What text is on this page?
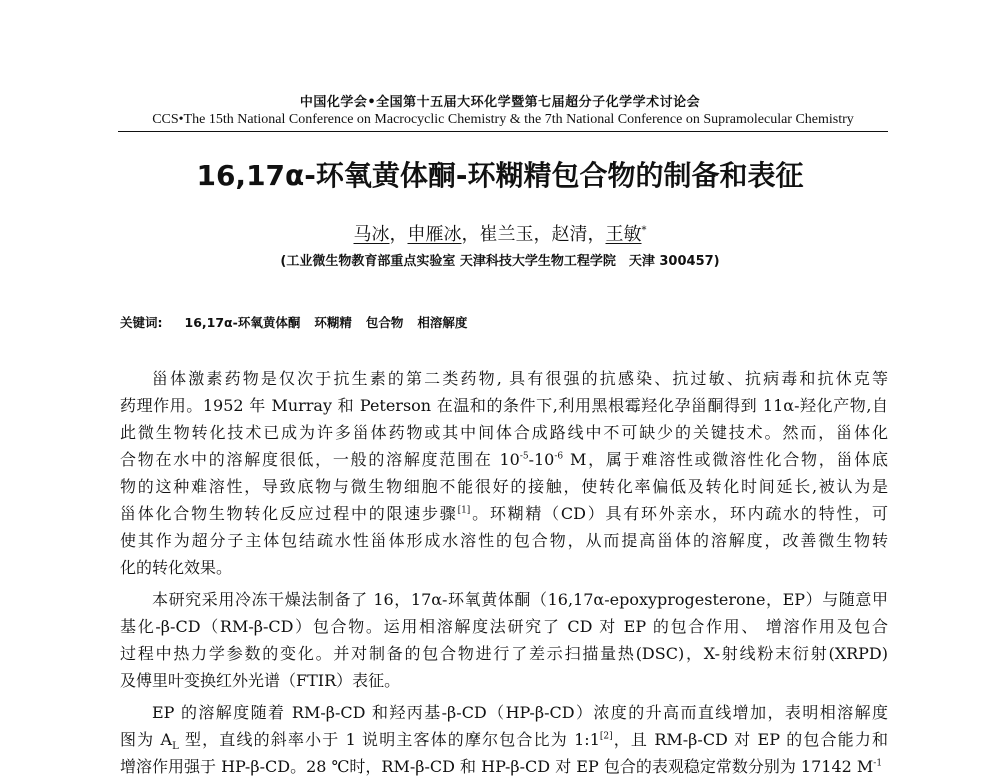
中国化学会•全国第十五届大环化学暨第七届超分子化学学术讨论会
CCS•The 15th National Conference on Macrocyclic Chemistry & the 7th National Conference on Supramolecular Chemistry
16,17α-环氧黄体酮-环糊精包合物的制备和表征
马冰，申雁冰，崔兰玉，赵清，王敏*
(工业微生物教育部重点实验室 天津科技大学生物工程学院　天津 300457)
关键词: 16,17α-环氧黄体酮 环糊精 包合物 相溶解度
甾体激素药物是仅次于抗生素的第二类药物, 具有很强的抗感染、抗过敏、抗病毒和抗休克等
药理作用。1952 年 Murray 和 Peterson 在温和的条件下,利用黑根霉羟化孕甾酮得到 11α-羟化产物,自
此微生物转化技术已成为许多甾体药物或其中间体合成路线中不可缺少的关键技术。然而，甾体化
合物在水中的溶解度很低，一般的溶解度范围在 $10^{-5}-10^{-6}$ M，属于难溶性或微溶性化合物，甾体底
物的这种难溶性，导致底物与微生物细胞不能很好的接触，使转化率偏低及转化时间延长,被认为是
甾体化合物生物转化反应过程中的限速步骤[1]。环糊精（CD）具有环外亲水，环内疏水的特性，可
使其作为超分子主体包结疏水性甾体形成水溶性的包合物，从而提高甾体的溶解度，改善微生物转
化的转化效果。
本研究采用冷冻干燥法制备了 16，17α-环氧黄体酮（16,17α-epoxyprogesterone，EP）与随意甲
基化-β-CD（RM-β-CD）包合物。运用相溶解度法研究了 CD 对 EP 的包合作用、 增溶作用及包合
过程中热力学参数的变化。并对制备的包合物进行了差示扫描量热(DSC)，X-射线粉末衍射(XRPD)
及傅里叶变换红外光谱（FTIR）表征。
EP 的溶解度随着 RM-β-CD 和羟丙基-β-CD（HP-β-CD）浓度的升高而直线增加，表明相溶解度
图为 $A_L$ 型，直线的斜率小于 1 说明主客体的摩尔包合比为 1:1[2]，且 RM-β-CD 对 EP 的包合能力和
增溶作用强于 HP-β-CD。28 ℃时，RM-β-CD 和 HP-β-CD 对 EP 包合的表观稳定常数分别为 17142 $M^{-1}$
